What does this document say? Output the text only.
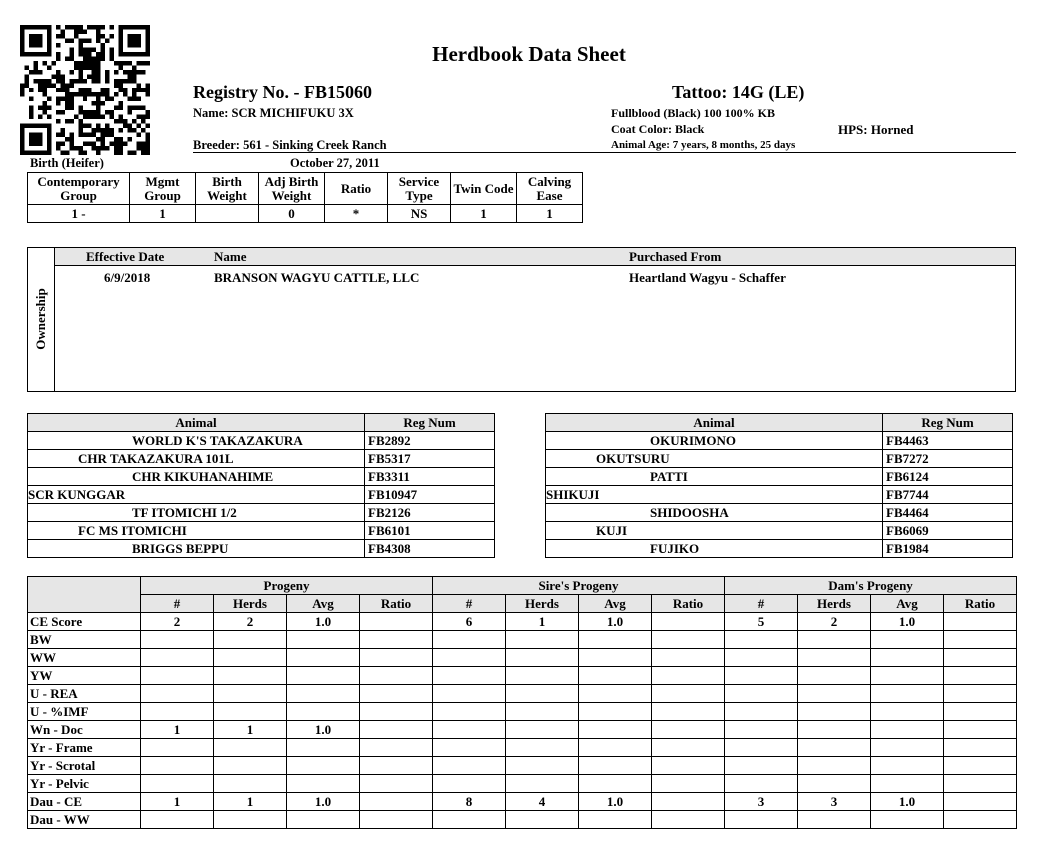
Herdbook Data Sheet
Registry No. - FB15060	Tattoo: 14G (LE)
Name: SCR MICHIFUKU 3X	Fullblood (Black) 100 100% KB
Coat Color: Black	HPS: Horned
Breeder: 561 - Sinking Creek Ranch	Animal Age: 7 years, 8 months, 25 days
Birth (Heifer)	October 27, 2011
Contemporary Group	Mgmt Group	Birth Weight	Adj Birth Weight	Ratio	Service Type	Twin Code	Calving Ease
1 -	1		0	*	NS	1	1
Ownership
Effective Date	Name	Purchased From
6/9/2018	BRANSON WAGYU CATTLE, LLC	Heartland Wagyu - Schaffer
Animal	Reg Num
WORLD K'S TAKAZAKURA	FB2892
CHR TAKAZAKURA 101L	FB5317
CHR KIKUHANAHIME	FB3311
SCR KUNGGAR	FB10947
TF ITOMICHI 1/2	FB2126
FC MS ITOMICHI	FB6101
BRIGGS BEPPU	FB4308
Animal	Reg Num
OKURIMONO	FB4463
OKUTSURU	FB7272
PATTI	FB6124
SHIKUJI	FB7744
SHIDOOSHA	FB4464
KUJI	FB6069
FUJIKO	FB1984
	Progeny				Sire's Progeny				Dam's Progeny			
	#	Herds	Avg	Ratio	#	Herds	Avg	Ratio	#	Herds	Avg	Ratio
CE Score	2	2	1.0		6	1	1.0		5	2	1.0	
BW												
WW												
YW												
U - REA												
U - %IMF												
Wn - Doc	1	1	1.0									
Yr - Frame												
Yr - Scrotal												
Yr - Pelvic												
Dau - CE	1	1	1.0		8	4	1.0		3	3	1.0	
Dau - WW												
